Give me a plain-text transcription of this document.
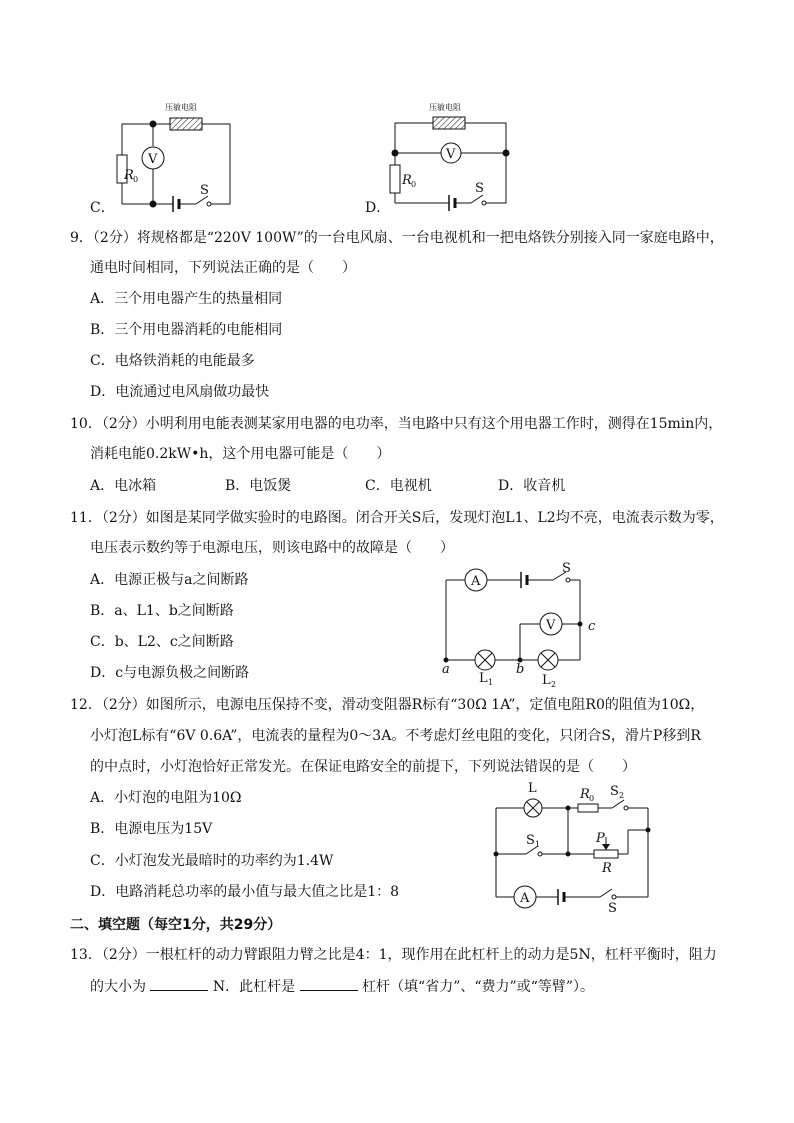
C．
压敏电阻
V
R 0
S
D．
压敏电阻
V
R 0	S
9．（2分）将规格都是“220V 100W”的一台电风扇、一台电视机和一把电烙铁分别接入同一家庭电路中，
通电时间相同，下列说法正确的是（　　）
A．三个用电器产生的热量相同
B．三个用电器消耗的电能相同
C．电烙铁消耗的电能最多
D．电流通过电风扇做功最快
10．（2分）小明利用电能表测某家用电器的电功率，当电路中只有这个用电器工作时，测得在15min内，
消耗电能0.2kW•h，这个用电器可能是（　　）
A．电冰箱	B．电饭煲	C．电视机	D．收音机
11．（2分）如图是某同学做实验时的电路图。闭合开关S后，发现灯泡L1、L2均不亮，电流表示数为零，
电压表示数约等于电源电压，则该电路中的故障是（　　）
A．电源正极与a之间断路
B．a、L1、b之间断路
C．b、L2、c之间断路
D．c与电源负极之间断路
A
S
V	c
a
L 1
b
L 2
12．（2分）如图所示，电源电压保持不变，滑动变阻器R标有“30Ω 1A”，定值电阻R0的阻值为10Ω，
小灯泡L标有“6V 0.6A”，电流表的量程为0～3A。不考虑灯丝电阻的变化，只闭合S，滑片P移到R
的中点时，小灯泡恰好正常发光。在保证电路安全的前提下，下列说法错误的是（　　）
A．小灯泡的电阻为10Ω
B．电源电压为15V
C．小灯泡发光最暗时的功率约为1.4W
D．电路消耗总功率的最小值与最大值之比是1：8
L	R 0 S 2
S 1	P
R
A
S
二、填空题（每空1分，共29分）
13．（2分）一根杠杆的动力臂跟阻力臂之比是4：1，现作用在此杠杆上的动力是5N，杠杆平衡时，阻力
的大小为	N．此杠杆是	杠杆（填“省力”、“费力”或“等臂”）。
